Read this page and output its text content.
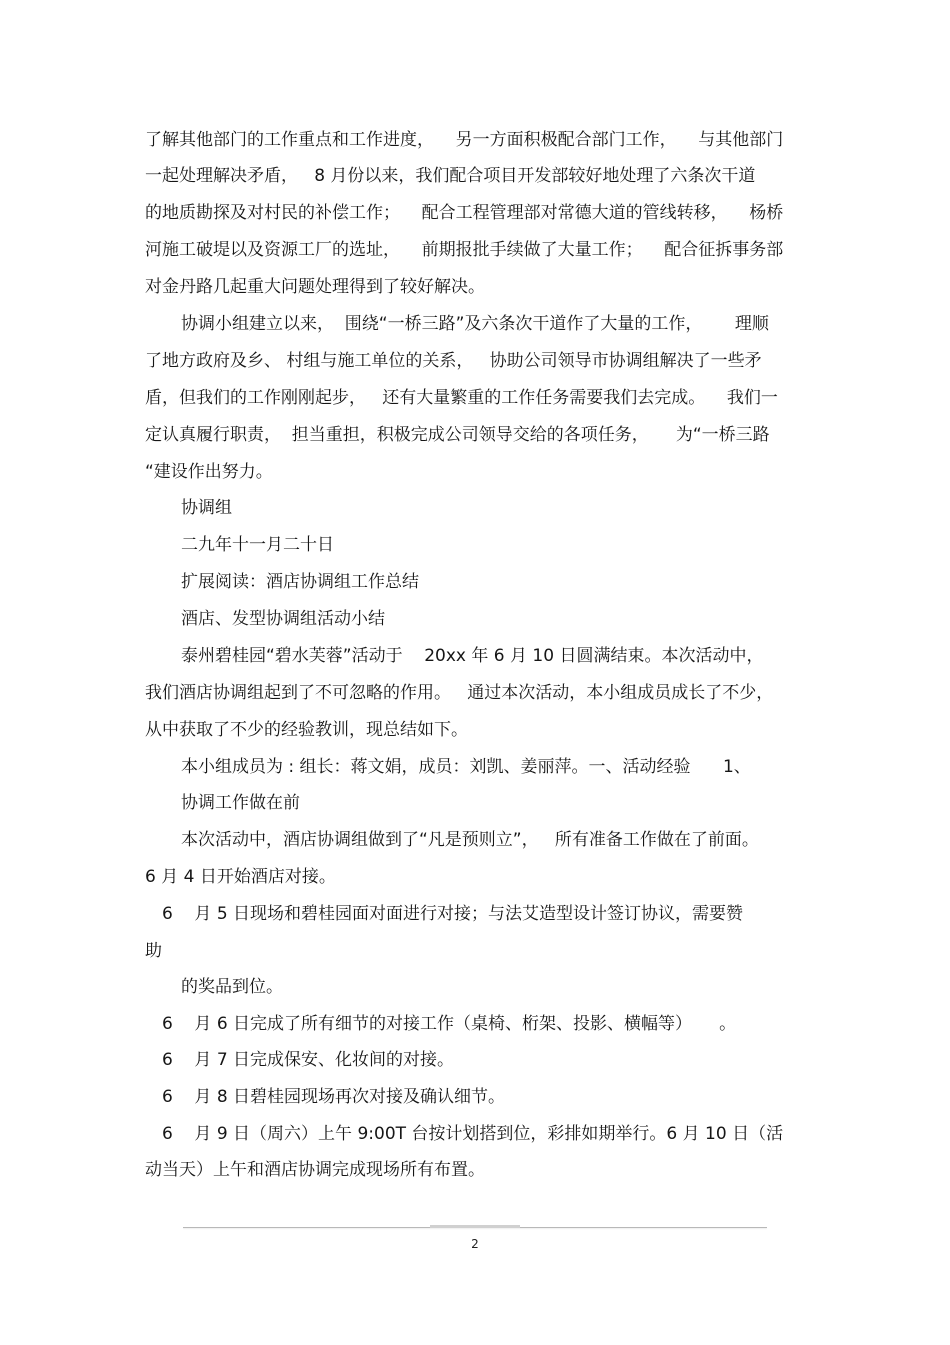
了解其他部门的工作重点和工作进度，    另一方面积极配合部门工作，    与其他部门
一起处理解决矛盾，   8 月份以来，我们配合项目开发部较好地处理了六条次干道
的地质勘探及对村民的补偿工作；    配合工程管理部对常德大道的管线转移，    杨桥
河施工破堤以及资源工厂的选址，    前期报批手续做了大量工作；    配合征拆事务部
对金丹路几起重大问题处理得到了较好解决。
协调小组建立以来，  围绕“一桥三路”及六条次干道作了大量的工作，      理顺
了地方政府及乡、 村组与施工单位的关系，   协助公司领导市协调组解决了一些矛
盾，但我们的工作刚刚起步，   还有大量繁重的工作任务需要我们去完成。    我们一
定认真履行职责，  担当重担，积极完成公司领导交给的各项任务，     为“一桥三路
“建设作出努力。
协调组
二九年十一月二十日
扩展阅读：酒店协调组工作总结
酒店、发型协调组活动小结
泰州碧桂园“碧水芙蓉”活动于    20xx 年 6 月 10 日圆满结束。本次活动中，
我们酒店协调组起到了不可忽略的作用。   通过本次活动，本小组成员成长了不少，
从中获取了不少的经验教训，现总结如下。
本小组成员为 : 组长：蒋文娟，成员：刘凯、姜丽萍。一、活动经验      1、
协调工作做在前
本次活动中，酒店协调组做到了“凡是预则立”，   所有准备工作做在了前面。
6 月 4 日开始酒店对接。
6    月 5 日现场和碧桂园面对面进行对接；与法艾造型设计签订协议，需要赞
助
的奖品到位。
6    月 6 日完成了所有细节的对接工作（桌椅、桁架、投影、横幅等）     。
6    月 7 日完成保安、化妆间的对接。
6    月 8 日碧桂园现场再次对接及确认细节。
6    月 9 日（周六）上午 9:00T 台按计划搭到位，彩排如期举行。6 月 10 日（活
动当天）上午和酒店协调完成现场所有布置。
2
